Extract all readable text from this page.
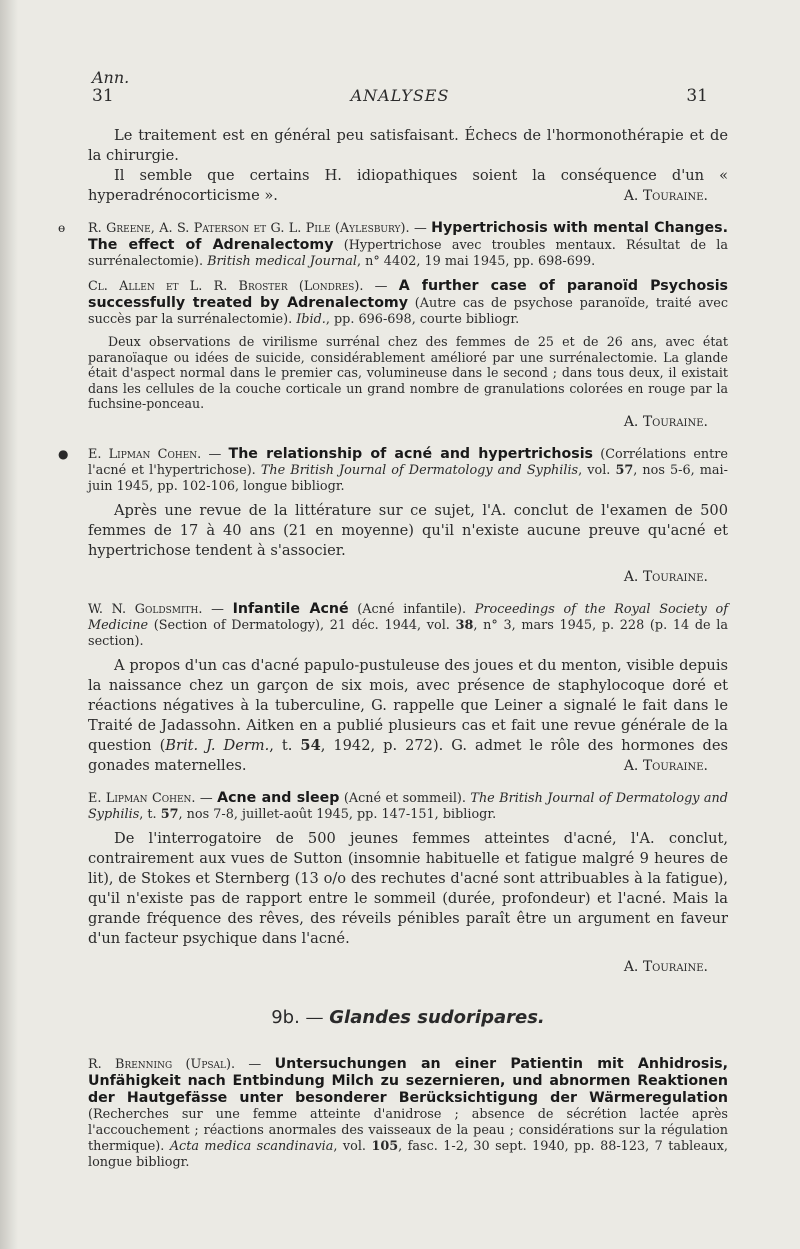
Ann.
31	ANALYSES	31

Le traitement est en général peu satisfaisant. Échecs de l'hormonothérapie et de la chirurgie.

Il semble que certains H. idiopathiques soient la conséquence d'un « hyperadrénocorticisme ».	A. Touraine.

ɵ R. Greene, A. S. Paterson et G. L. Pile (Aylesbury). — Hypertrichosis with mental Changes. The effect of Adrenalectomy (Hypertrichose avec troubles mentaux. Résultat de la surrénalectomie). British medical Journal, n° 4402, 19 mai 1945, pp. 698-699.

Cl. Allen et L. R. Broster (Londres). — A further case of paranoïd Psychosis successfully treated by Adrenalectomy (Autre cas de psychose paranoïde, traité avec succès par la surrénalectomie). Ibid., pp. 696-698, courte bibliogr.

Deux observations de virilisme surrénal chez des femmes de 25 et de 26 ans, avec état paranoïaque ou idées de suicide, considérablement amélioré par une surrénalectomie. La glande était d'aspect normal dans le premier cas, volumineuse dans le second ; dans tous deux, il existait dans les cellules de la couche corticale un grand nombre de granulations colorées en rouge par la fuchsine-ponceau.

A. Touraine.

● E. Lipman Cohen. — The relationship of acné and hypertrichosis (Corrélations entre l'acné et l'hypertrichose). The British Journal of Dermatology and Syphilis, vol. 57, nos 5-6, mai-juin 1945, pp. 102-106, longue bibliogr.

Après une revue de la littérature sur ce sujet, l'A. conclut de l'examen de 500 femmes de 17 à 40 ans (21 en moyenne) qu'il n'existe aucune preuve qu'acné et hypertrichose tendent à s'associer.

A. Touraine.

W. N. Goldsmith. — Infantile Acné (Acné infantile). Proceedings of the Royal Society of Medicine (Section of Dermatology), 21 déc. 1944, vol. 38, n° 3, mars 1945, p. 228 (p. 14 de la section).

A propos d'un cas d'acné papulo-pustuleuse des joues et du menton, visible depuis la naissance chez un garçon de six mois, avec présence de staphylocoque doré et réactions négatives à la tuberculine, G. rappelle que Leiner a signalé le fait dans le Traité de Jadassohn. Aitken en a publié plusieurs cas et fait une revue générale de la question (Brit. J. Derm., t. 54, 1942, p. 272). G. admet le rôle des hormones des gonades maternelles.	A. Touraine.

E. Lipman Cohen. — Acne and sleep (Acné et sommeil). The British Journal of Dermatology and Syphilis, t. 57, nos 7-8, juillet-août 1945, pp. 147-151, bibliogr.

De l'interrogatoire de 500 jeunes femmes atteintes d'acné, l'A. conclut, contrairement aux vues de Sutton (insomnie habituelle et fatigue malgré 9 heures de lit), de Stokes et Sternberg (13 o/o des rechutes d'acné sont attribuables à la fatigue), qu'il n'existe pas de rapport entre le sommeil (durée, profondeur) et l'acné. Mais la grande fréquence des rêves, des réveils pénibles paraît être un argument en faveur d'un facteur psychique dans l'acné.

A. Touraine.

9b. — Glandes sudoripares.

R. Brenning (Upsal). — Untersuchungen an einer Patientin mit Anhidrosis, Unfähigkeit nach Entbindung Milch zu sezernieren, und abnormen Reaktionen der Hautgefässe unter besonderer Berücksichtigung der Wärmeregulation (Recherches sur une femme atteinte d'anidrose ; absence de sécrétion lactée après l'accouchement ; réactions anormales des vaisseaux de la peau ; considérations sur la régulation thermique). Acta medica scandinavia, vol. 105, fasc. 1-2, 30 sept. 1940, pp. 88-123, 7 tableaux, longue bibliogr.
